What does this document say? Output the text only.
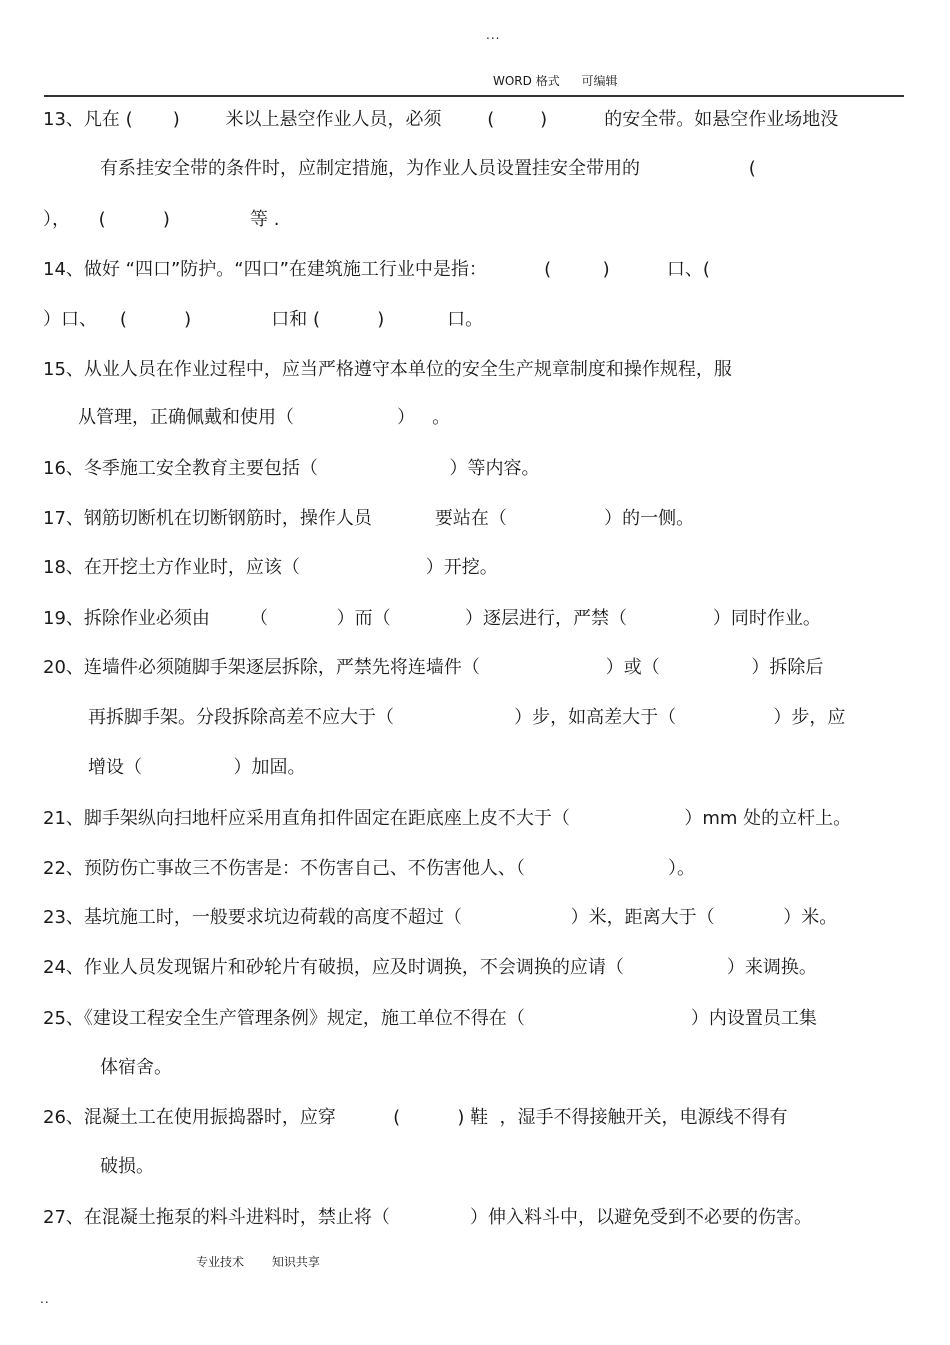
...
WORD 格式 可编辑
13、凡在 (       )        米以上悬空作业人员，必须        (        )          的安全带。如悬空作业场地没
有系挂安全带的条件时，应制定措施，为作业人员设置挂安全带用的                   (
），     (          )              等 .
14、做好 “四口”防护。“四口”在建筑施工行业中是指：          (         )          口、(
）口、    (          )              口和 (          )           口。
15、从业人员在作业过程中，应当严格遵守本单位的安全生产规章制度和操作规程，服
从管理，正确佩戴和使用（                  ）   。
16、冬季施工安全教育主要包括（                       ）等内容。
17、钢筋切断机在切断钢筋时，操作人员           要站在（                 ）的一侧。
18、在开挖土方作业时，应该（                      ）开挖。
19、拆除作业必须由       （            ）而（             ）逐层进行，严禁（               ）同时作业。
20、连墙件必须随脚手架逐层拆除，严禁先将连墙件（                      ）或（                ）拆除后
再拆脚手架。分段拆除高差不应大于（                     ）步，如高差大于（                 ）步，应
增设（                ）加固。
21、脚手架纵向扫地杆应采用直角扣件固定在距底座上皮不大于（                    ）mm 处的立杆上。
22、预防伤亡事故三不伤害是：不伤害自己、不伤害他人、（                         ）。
23、基坑施工时，一般要求坑边荷载的高度不超过（                   ）米，距离大于（            ）米。
24、作业人员发现锯片和砂轮片有破损，应及时调换，不会调换的应请（                  ）来调换。
25、《建设工程安全生产管理条例》规定，施工单位不得在（                             ）内设置员工集
体宿舍。
26、混凝土工在使用振捣器时，应穿          (          ) 鞋  ，湿手不得接触开关，电源线不得有
破损。
27、在混凝土拖泵的料斗进料时，禁止将（              ）伸入料斗中，以避免受到不必要的伤害。
专业技术 知识共享
..
